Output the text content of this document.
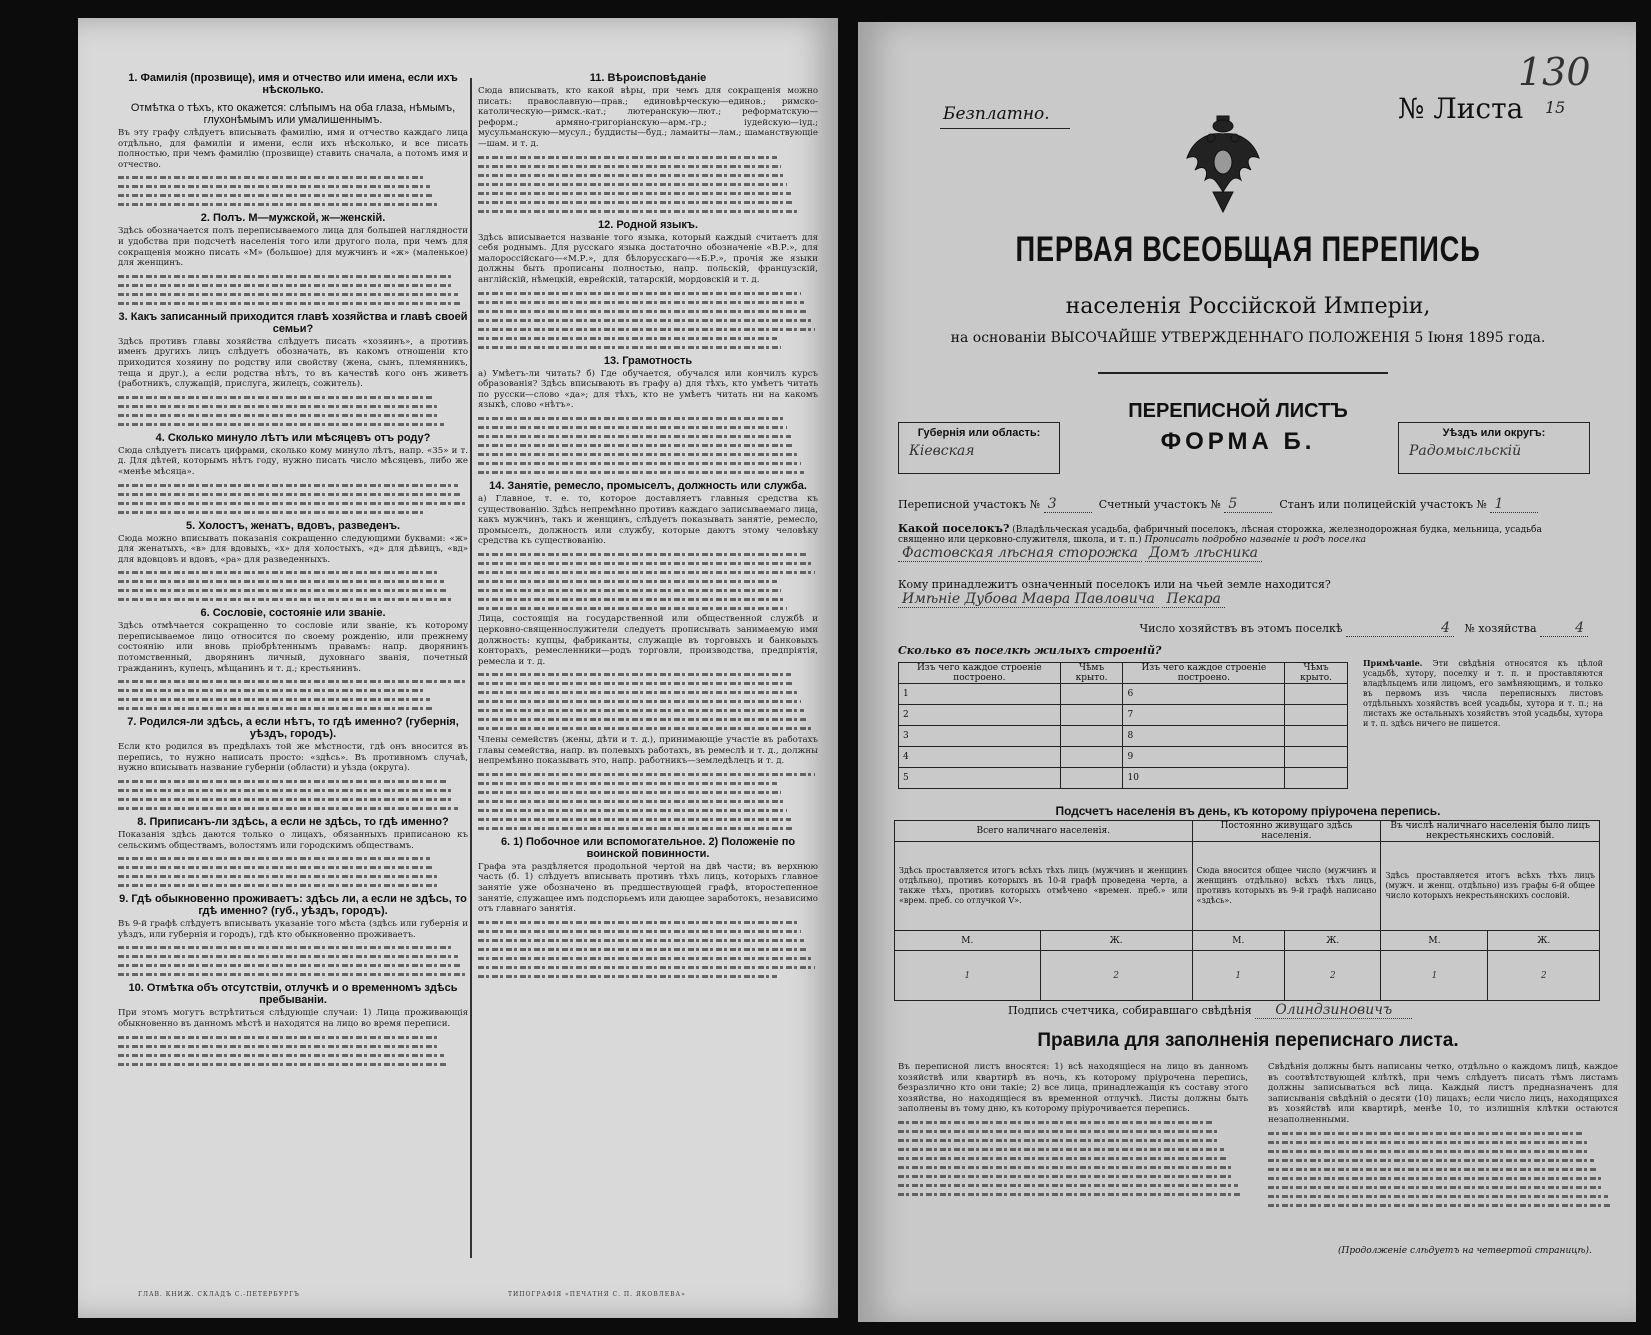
1. Фамилія (прозвище), имя и отчество или имена, если ихъ нѣсколько.
Отмѣтка о тѣхъ, кто окажется: слѣпымъ на оба глаза, нѣмымъ, глухонѣмымъ или умалишеннымъ.

Въ эту графу слѣдуетъ вписывать фамилію, имя и отчество каждаго лица отдѣльно, для фамиліи и имени, если ихъ нѣсколько, и все писать полностью, при чемъ фамилію (прозвище) ставить сначала, а потомъ имя и отчество.

2. Полъ. М—мужской, ж—женскій.

Здѣсь обозначается полъ переписываемого лица для большей наглядности и удобства при подсчетѣ населенія того или другого пола, при чемъ для сокращенія можно писать «М» (большое) для мужчинъ и «ж» (маленькое) для женщинъ.

3. Какъ записанный приходится главѣ хозяйства и главѣ своей семьи?

Здѣсь противъ главы хозяйства слѣдуетъ писать «хозяинъ», а противъ именъ другихъ лицъ слѣдуетъ обозначать, въ какомъ отношеніи кто приходится хозяину по родству или свойству (жена, сынъ, племянникъ, теща и друг.), а если родства нѣтъ, то въ качествѣ кого онъ живетъ (работникъ, служащій, прислуга, жилецъ, сожитель).

4. Сколько минуло лѣтъ или мѣсяцевъ отъ роду?

Сюда слѣдуетъ писать цифрами, сколько кому минуло лѣтъ, напр. «35» и т. д. Для дѣтей, которымъ нѣтъ году, нужно писать число мѣсяцевъ, либо же «менѣе мѣсяца».

5. Холостъ, женатъ, вдовъ, разведенъ.

Сюда можно вписывать показанія сокращенно следующими буквами: «ж» для женатыхъ, «в» для вдовыхъ, «х» для холостыхъ, «д» для дѣвицъ, «вд» для вдовцовъ и вдовъ, «ра» для разведенныхъ.

6. Сословіе, состояніе или званіе.

Здѣсь отмѣчается сокращенно то сословіе или званіе, къ которому переписываемое лицо относится по своему рожденію, или прежнему состоянію или вновь пріобрѣтеннымъ правамъ: напр. дворянинъ потомственный, дворянинъ личный, духовнаго званія, почетный гражданинъ, купецъ, мѣщанинъ и т. д.; крестьянинъ.

7. Родился-ли здѣсь, а если нѣтъ, то гдѣ именно? (губернія, уѣздъ, городъ).

Если кто родился въ предѣлахъ той же мѣстности, гдѣ онъ вносится въ перепись, то нужно написать просто: «здѣсь». Въ противномъ случаѣ, нужно вписывать название губерніи (области) и уѣзда (округа).

8. Приписанъ-ли здѣсь, а если не здѣсь, то гдѣ именно?

Показанія здѣсь даются только о лицахъ, обязанныхъ приписаною къ сельскимъ обществамъ, волостямъ или городскимъ обществамъ.

9. Гдѣ обыкновенно проживаетъ: здѣсь ли, а если не здѣсь, то гдѣ именно? (губ., уѣздъ, городъ).

Въ 9-й графѣ слѣдуетъ вписывать указаніе того мѣста (здѣсь или губернія и уѣздъ, или губернія и городъ), гдѣ кто обыкновенно проживаетъ.

10. Отмѣтка объ отсутствіи, отлучкѣ и о временномъ здѣсь пребываніи.

При этомъ могутъ встрѣтиться слѣдующіе случаи: 1) Лица проживающія обыкновенно въ данномъ мѣстѣ и находятся на лицо во время переписи.

11. Вѣроисповѣданіе

Сюда вписывать, кто какой вѣры, при чемъ для сокращенія можно писать: православную—прав.; единовѣрческую—единов.; римско-католическую—римск.-кат.; лютеранскую—лют.; реформатскую—реформ.; армяно-григоріанскую—арм.-гр.; іудейскую—іуд.; мусульманскую—мусул.; буддисты—буд.; ламаиты—лам.; шаманствующіе—шам. и т. д.

12. Родной языкъ.

Здѣсь вписывается названіе того языка, который каждый считаетъ для себя роднымъ. Для русскаго языка достаточно обозначеніе «В.Р.», для малороссійскаго—«М.Р.», для бѣлорусскаго—«Б.Р.», прочія же языки должны быть прописаны полностью, напр. польскій, французскій, англійскій, нѣмецкій, еврейскій, татарскій, мордовскій и т. д.

13. Грамотность

а) Умѣетъ-ли читать? б) Где обучается, обучался или кончилъ курсъ образованія? Здѣсь вписывають въ графу а) для тѣхъ, кто умѣетъ читать по русски—слово «да»; для тѣхъ, кто не умѣетъ читать ни на какомъ языкѣ, слово «нѣтъ».

14. Занятіе, ремесло, промыселъ, должность или служба.

а) Главное, т. е. то, которое доставляетъ главныя средства къ существованію. Здѣсь непремѣнно противъ каждаго записываемаго лица, какъ мужчинъ, такъ и женщинъ, слѣдуетъ показывать занятіе, ремесло, промыселъ, должность или службу, которые даютъ этому человѣку средства къ существованію.

Лица, состоящія на государственной или общественной службѣ и церковно-священнослужители следуетъ прописывать занимаемую ими должность: купцы, фабриканты, служащіе въ торговыхъ и банковыхъ конторахъ, ремесленники—родъ торговли, производства, предпріятія, ремесла и т. д.

Члены семействъ (жены, дѣти и т. д.), принимающіе участіе въ работахъ главы семейства, напр. въ полевыхъ работахъ, въ ремеслѣ и т. д., должны непремѣнно показывать это, напр. работникъ—земледѣлецъ и т. д.

6. 1) Побочное или вспомогательное. 2) Положеніе по воинской повинности.

Графа эта раздѣляется продольной чертой на двѣ части; въ верхнюю часть (б. 1) слѣдуетъ вписывать противъ тѣхъ лицъ, которыхъ главное занятіе уже обозначено въ предшествующей графѣ, второстепенное занятіе, служащее имъ подспорьемъ или дающее заработокъ, независимо отъ главнаго занятія.

ГЛАВ. КНИЖ. СКЛАДЪ С.-ПЕТЕРБУРГЪ	ТИПОГРАФІЯ «ПЕЧАТНЯ С. П. ЯКОВЛЕВА»
130
Безплатно.	№ Листа 15
ПЕРВАЯ ВСЕОБЩАЯ ПЕРЕПИСЬ
населенія Россійской Имперіи,
на основаніи ВЫСОЧАЙШЕ УТВЕРЖДЕННАГО ПОЛОЖЕНІЯ 5 Іюня 1895 года.
Губернія или область:
Кіевская
ПЕРЕПИСНОЙ ЛИСТЪ
ФОРМА Б.	Уѣздъ или округъ:
Радомысльскій
Переписной участокъ № 3	Счетный участокъ № 5	Станъ или полицейскій участокъ № 1
Какой поселокъ? (Владѣльческая усадьба, фабричный поселокъ, лѣсная сторожка, железнодорожная будка, мельница, усадьба священно или церковно-служителя, школа, и т. п.) Прописать подробно названіе и родъ поселка Фастовская лѣсная сторожка Домъ лѣсника
Кому принадлежитъ означенный поселокъ или на чьей земле находится? Имѣніе Дубова Мавра Павловича Пекара
Число хозяйствъ въ этомъ поселкѣ	4 № хозяйства	4
Сколько въ поселкѣ жилыхъ строеній?
Изъ чего каждое строеніе построено.	Чѣмъ крыто.	Изъ чего каждое строеніе построено.	Чѣмъ крыто.
1		6	
2		7	
3		8	
4		9	
5		10	
Примѣчаніе. Эти свѣдѣнія относятся къ цѣлой усадьбѣ, хутору, поселку и т. п. и проставляются владѣльцемъ или лицомъ, его замѣняющимъ, и только въ первомъ изъ числа переписныхъ листовъ отдѣльныхъ хозяйствъ всей усадьбы, хутора и т. п.; на листахъ же остальныхъ хозяйствъ этой усадьбы, хутора и т. п. здѣсь ничего не пишется.
Подсчетъ населенія въ день, къ которому пріурочена перепись.
Всего наличнаго населенія.		Постоянно живущаго здѣсь населенія.		Въ числѣ наличнаго населенія было лицъ некрестьянскихъ сословій.	
Здѣсь проставляется итогъ всѣхъ тѣхъ лицъ (мужчинъ и женщинъ отдѣльно), противъ которыхъ въ 10-й графѣ проведена черта, а также тѣхъ, противъ которыхъ отмѣчено «времен. преб.» или «врем. преб. со отлучкой V».		Сюда вносится общее число (мужчинъ и женщинъ отдѣльно) всѣхъ тѣхъ лицъ, противъ которыхъ въ 9-й графѣ написано «здѣсь».		Здѣсь проставляется итогъ всѣхъ тѣхъ лицъ (мужч. и женщ. отдѣльно) изъ графы 6-й общее число которыхъ некрестьянскихъ сословій.	
М.	Ж.	М.	Ж.	М.	Ж.
1	2	1	2	1	2
Подпись счетчика, собиравшаго свѣдѣнія Олиндзиновичъ
Правила для заполненія переписнаго листа.

Въ переписной листъ вносятся: 1) всѣ находящіеся на лицо въ данномъ хозяйствѣ или квартирѣ въ ночь, къ которому пріурочена перепись, безразлично кто они такіе; 2) все лица, принадлежащія къ составу этого хозяйства, но находящіеся въ временной отлучкѣ. Листы должны быть заполнены въ тому дню, къ которому пріурочивается перепись.

Свѣдѣнія должны быть написаны четко, отдѣльно о каждомъ лицѣ, каждое въ соотвѣтствующей клѣткѣ, при чемъ слѣдуетъ писать тѣмъ листамъ должны записываться всѣ лица. Каждый листъ предназначенъ для записыванія свѣдѣній о десяти (10) лицахъ; если число лицъ, находящихся въ хозяйствѣ или квартирѣ, менѣе 10, то излишнія клѣтки остаются незаполненными.

(Продолженіе слѣдуетъ на четвертой страницѣ).
